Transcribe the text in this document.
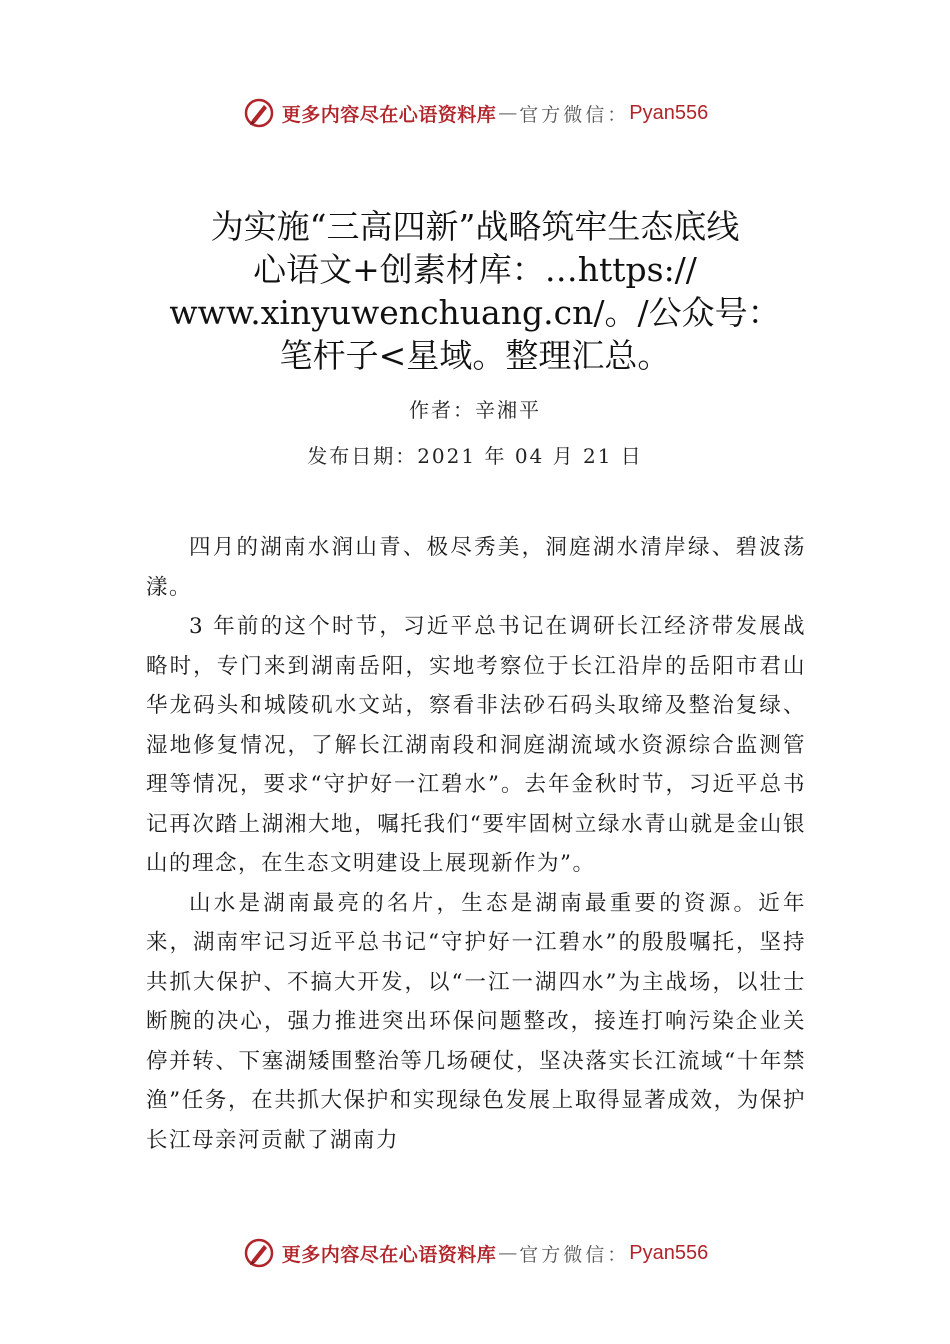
更多内容尽在心语资料库 — 官方微信： Pyan556
为实施“三高四新”战略筑牢生态底线
心语文+创素材库：…https://
www.xinyuwenchuang.cn/。/公众号：
笔杆子<星域。整理汇总。
作者：辛湘平
发布日期：2021 年 04 月 21 日

四月的湖南水润山青、极尽秀美，洞庭湖水清岸绿、碧波荡漾。

3 年前的这个时节，习近平总书记在调研长江经济带发展战略时，专门来到湖南岳阳，实地考察位于长江沿岸的岳阳市君山华龙码头和城陵矶水文站，察看非法砂石码头取缔及整治复绿、湿地修复情况，了解长江湖南段和洞庭湖流域水资源综合监测管理等情况，要求“守护好一江碧水”。去年金秋时节，习近平总书记再次踏上湖湘大地，嘱托我们“要牢固树立绿水青山就是金山银山的理念，在生态文明建设上展现新作为”。

山水是湖南最亮的名片，生态是湖南最重要的资源。近年来，湖南牢记习近平总书记“守护好一江碧水”的殷殷嘱托，坚持共抓大保护、不搞大开发，以“一江一湖四水”为主战场，以壮士断腕的决心，强力推进突出环保问题整改，接连打响污染企业关停并转、下塞湖矮围整治等几场硬仗，坚决落实长江流域“十年禁渔”任务，在共抓大保护和实现绿色发展上取得显著成效，为保护长江母亲河贡献了湖南力

更多内容尽在心语资料库 — 官方微信： Pyan556
